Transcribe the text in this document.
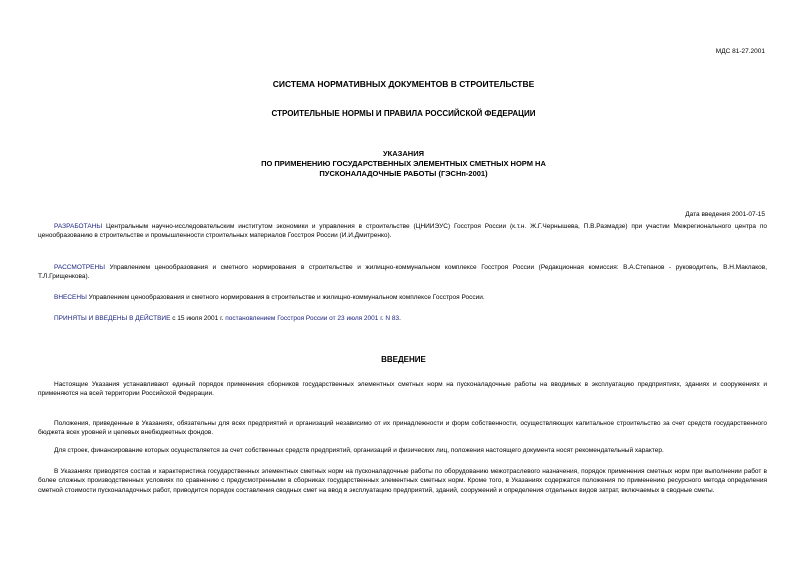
МДС 81-27.2001
СИСТЕМА НОРМАТИВНЫХ ДОКУМЕНТОВ В СТРОИТЕЛЬСТВЕ
СТРОИТЕЛЬНЫЕ НОРМЫ И ПРАВИЛА РОССИЙСКОЙ ФЕДЕРАЦИИ
УКАЗАНИЯ
ПО ПРИМЕНЕНИЮ ГОСУДАРСТВЕННЫХ ЭЛЕМЕНТНЫХ СМЕТНЫХ НОРМ НА
ПУСКОНАЛАДОЧНЫЕ РАБОТЫ (ГЭСНп-2001)
Дата введения 2001-07-15
РАЗРАБОТАНЫ Центральным научно-исследовательским институтом экономики и управления в строительстве (ЦНИИЭУС) Госстроя России (к.т.н. Ж.Г.Чернышева, П.В.Размадзе) при участии Межрегионального центра по ценообразованию в строительстве и промышленности строительных материалов Госстроя России (И.И.Дмитренко).
РАССМОТРЕНЫ Управлением ценообразования и сметного нормирования в строительстве и жилищно-коммунальном комплексе Госстроя России (Редакционная комиссия: В.А.Степанов - руководитель, В.Н.Маклаков, Т.Л.Грищенкова).
ВНЕСЕНЫ Управлением ценообразования и сметного нормирования в строительстве и жилищно-коммунальном комплексе Госстроя России.
ПРИНЯТЫ И ВВЕДЕНЫ В ДЕЙСТВИЕ с 15 июля 2001 г. постановлением Госстроя России от 23 июля 2001 г. N 83.
ВВЕДЕНИЕ
Настоящие Указания устанавливают единый порядок применения сборников государственных элементных сметных норм на пусконаладочные работы на вводимых в эксплуатацию предприятиях, зданиях и сооружениях и применяются на всей территории Российской Федерации.
Положения, приведенные в Указаниях, обязательны для всех предприятий и организаций независимо от их принадлежности и форм собственности, осуществляющих капитальное строительство за счет средств государственного бюджета всех уровней и целевых внебюджетных фондов.
Для строек, финансирование которых осуществляется за счет собственных средств предприятий, организаций и физических лиц, положения настоящего документа носят рекомендательный характер.
В Указаниях приводятся состав и характеристика государственных элементных сметных норм на пусконаладочные работы по оборудованию межотраслевого назначения, порядок применения сметных норм при выполнении работ в более сложных производственных условиях по сравнению с предусмотренными в сборниках государственных элементных сметных норм. Кроме того, в Указаниях содержатся положения по применению ресурсного метода определения сметной стоимости пусконаладочных работ, приводится порядок составления сводных смет на ввод в эксплуатацию предприятий, зданий, сооружений и определения отдельных видов затрат, включаемых в сводные сметы.
